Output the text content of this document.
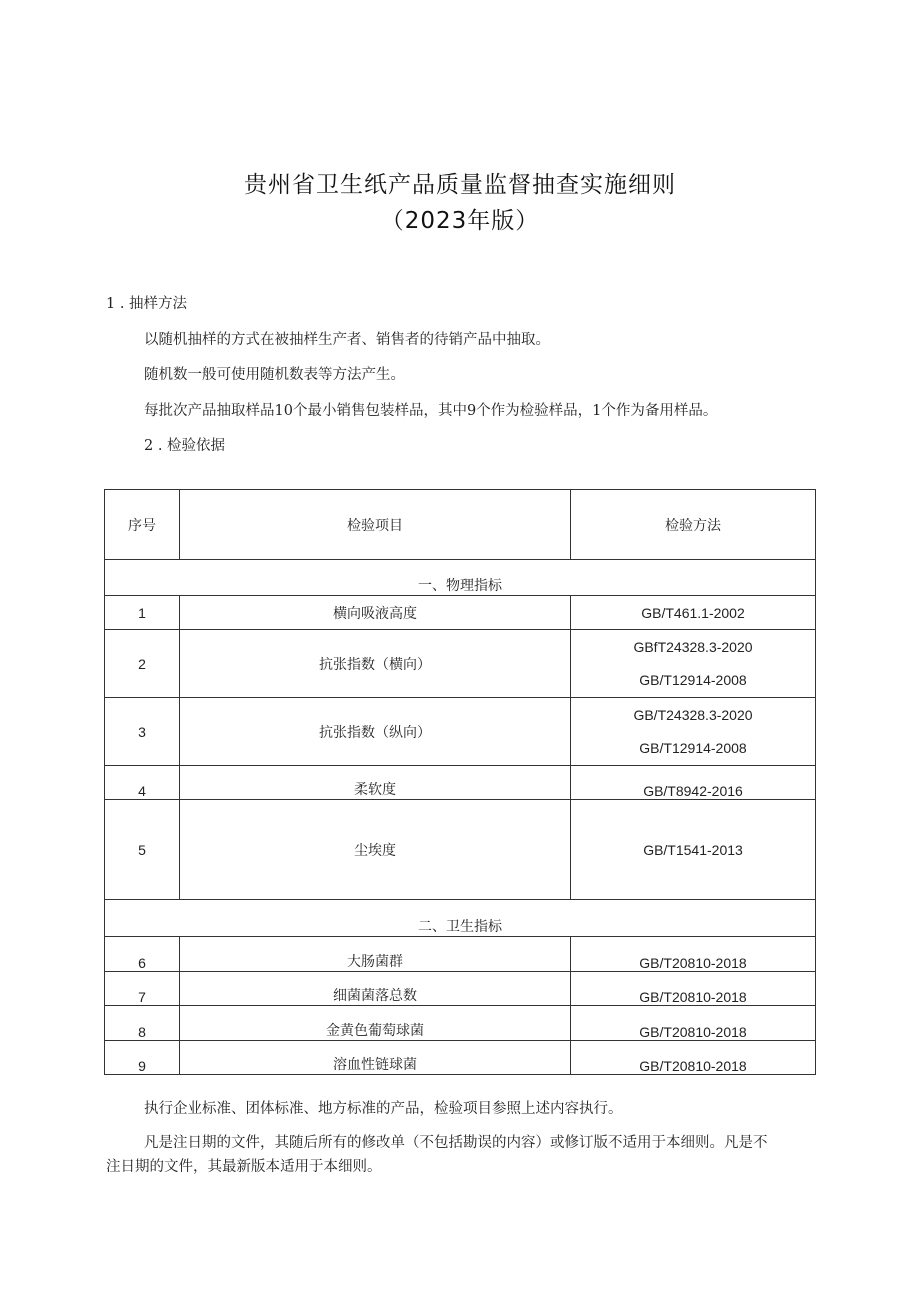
贵州省卫生纸产品质量监督抽查实施细则
（2023年版）
1 . 抽样方法
以随机抽样的方式在被抽样生产者、销售者的待销产品中抽取。
随机数一般可使用随机数表等方法产生。
每批次产品抽取样品10个最小销售包装样品，其中9个作为检验样品，1个作为备用样品。
2 . 检验依据
序号	检验项目	检验方法
一、物理指标		
1	横向吸液高度	GB/T461.1-2002
2	抗张指数（横向）	GBfT24328.3-2020
GB/T12914-2008

3	抗张指数（纵向）	GB/T24328.3-2020
GB/T12914-2008

4	柔软度	GB/T8942-2016
5	尘埃度	GB/T1541-2013
二、卫生指标		
6	大肠菌群	GB/T20810-2018
7	细菌菌落总数	GB/T20810-2018
8	金黄色葡萄球菌	GB/T20810-2018
9	溶血性链球菌	GB/T20810-2018
执行企业标准、团体标准、地方标准的产品，检验项目参照上述内容执行。
凡是注日期的文件，其随后所有的修改单（不包括勘误的内容）或修订版不适用于本细则。凡是不
注日期的文件，其最新版本适用于本细则。
